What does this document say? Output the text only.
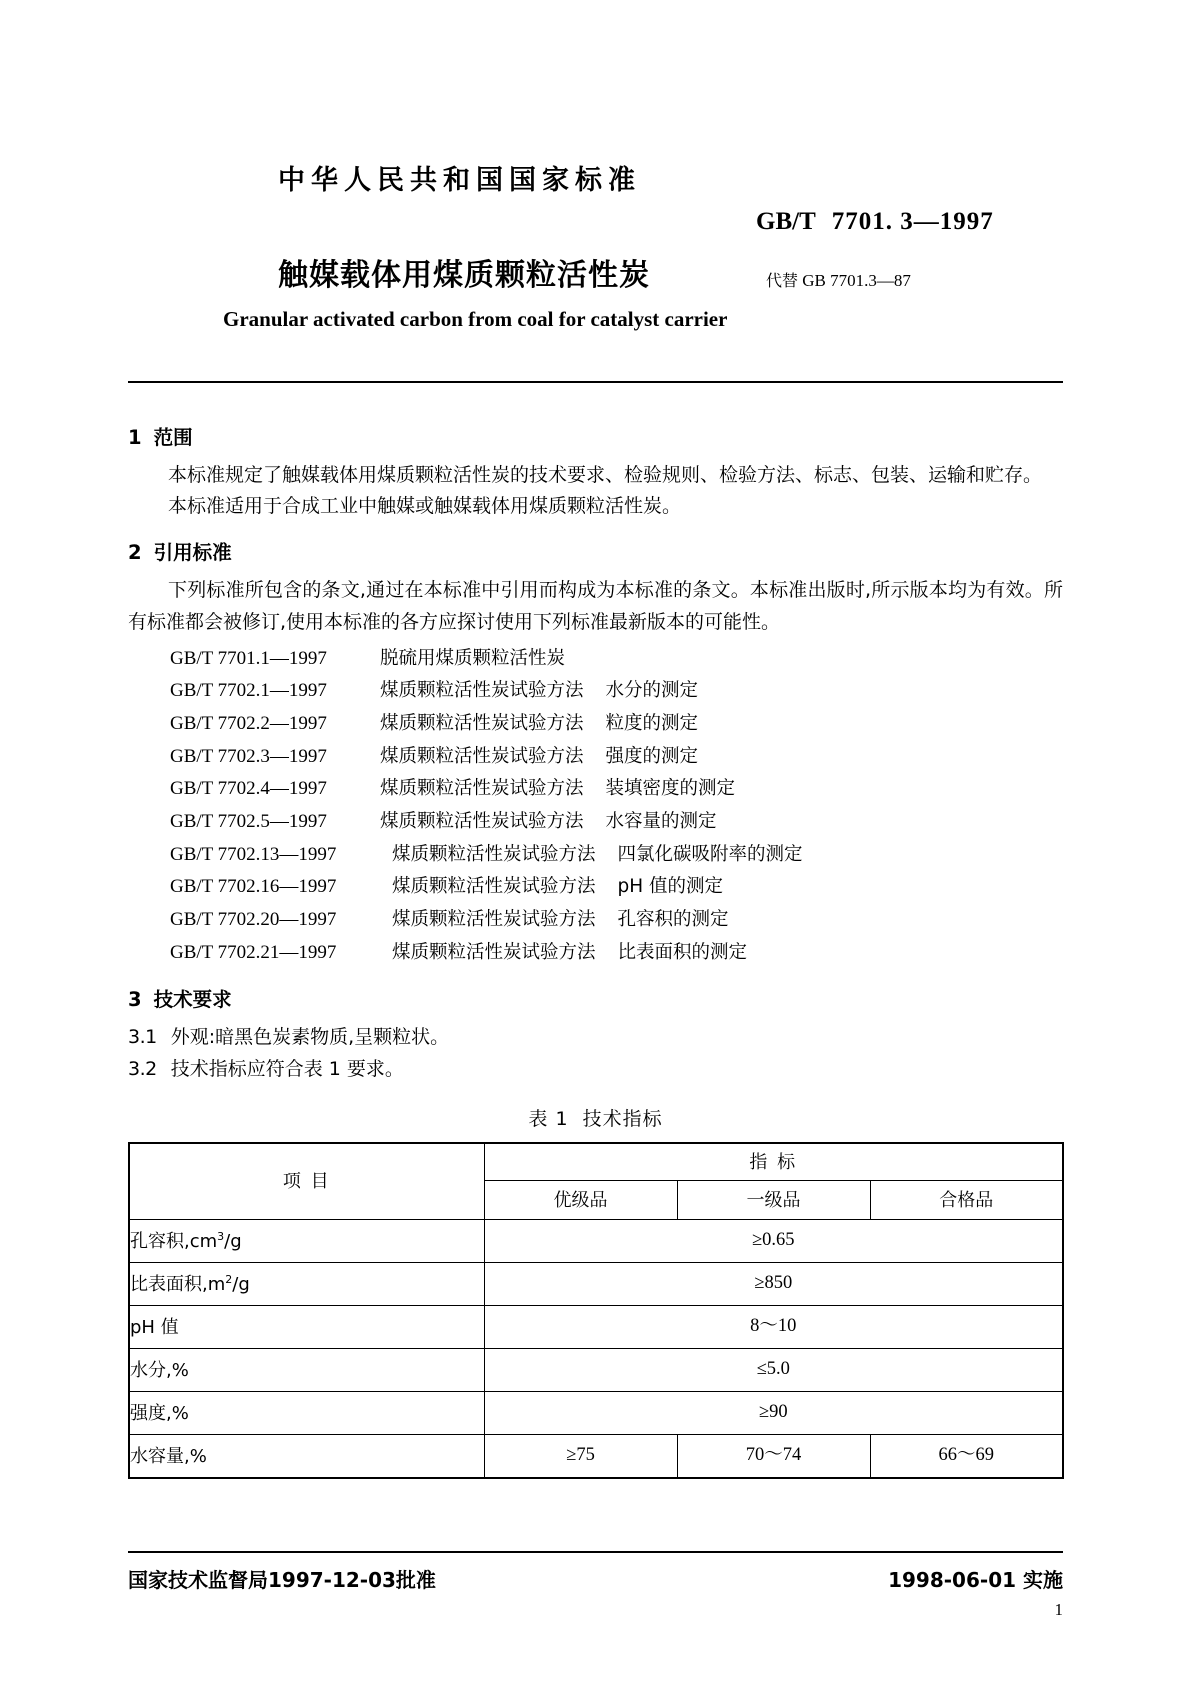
中华人民共和国国家标准
GB/T 7701. 3—1997
触媒载体用煤质颗粒活性炭	代替 GB 7701.3—87
Granular activated carbon from coal for catalyst carrier
1 范围

本标准规定了触媒载体用煤质颗粒活性炭的技术要求、检验规则、检验方法、标志、包装、运输和贮存。

本标准适用于合成工业中触媒或触媒载体用煤质颗粒活性炭。

2 引用标准

下列标准所包含的条文,通过在本标准中引用而构成为本标准的条文。本标准出版时,所示版本均为有效。所有标准都会被修订,使用本标准的各方应探讨使用下列标准最新版本的可能性。

GB/T 7701.1—1997	脱硫用煤质颗粒活性炭
GB/T 7702.1—1997	煤质颗粒活性炭试验方法 水分的测定
GB/T 7702.2—1997	煤质颗粒活性炭试验方法 粒度的测定
GB/T 7702.3—1997	煤质颗粒活性炭试验方法 强度的测定
GB/T 7702.4—1997	煤质颗粒活性炭试验方法 装填密度的测定
GB/T 7702.5—1997	煤质颗粒活性炭试验方法 水容量的测定
GB/T 7702.13—1997	煤质颗粒活性炭试验方法 四氯化碳吸附率的测定
GB/T 7702.16—1997	煤质颗粒活性炭试验方法 pH 值的测定
GB/T 7702.20—1997	煤质颗粒活性炭试验方法 孔容积的测定
GB/T 7702.21—1997	煤质颗粒活性炭试验方法 比表面积的测定
3 技术要求

3.1 外观:暗黑色炭素物质,呈颗粒状。

3.2 技术指标应符合表 1 要求。

表 1 技术指标
项 目	指 标		
	优级品	一级品	合格品
孔容积$,cm^3/g$	≥0.65		
比表面积$,m^2/g$	≥850		
pH 值	8～10		
水分,%	≤5.0		
强度,%	≥90		
水容量,%	≥75	70～74	66～69
国家技术监督局1997-12-03批准	1998-06-01 实施
1
